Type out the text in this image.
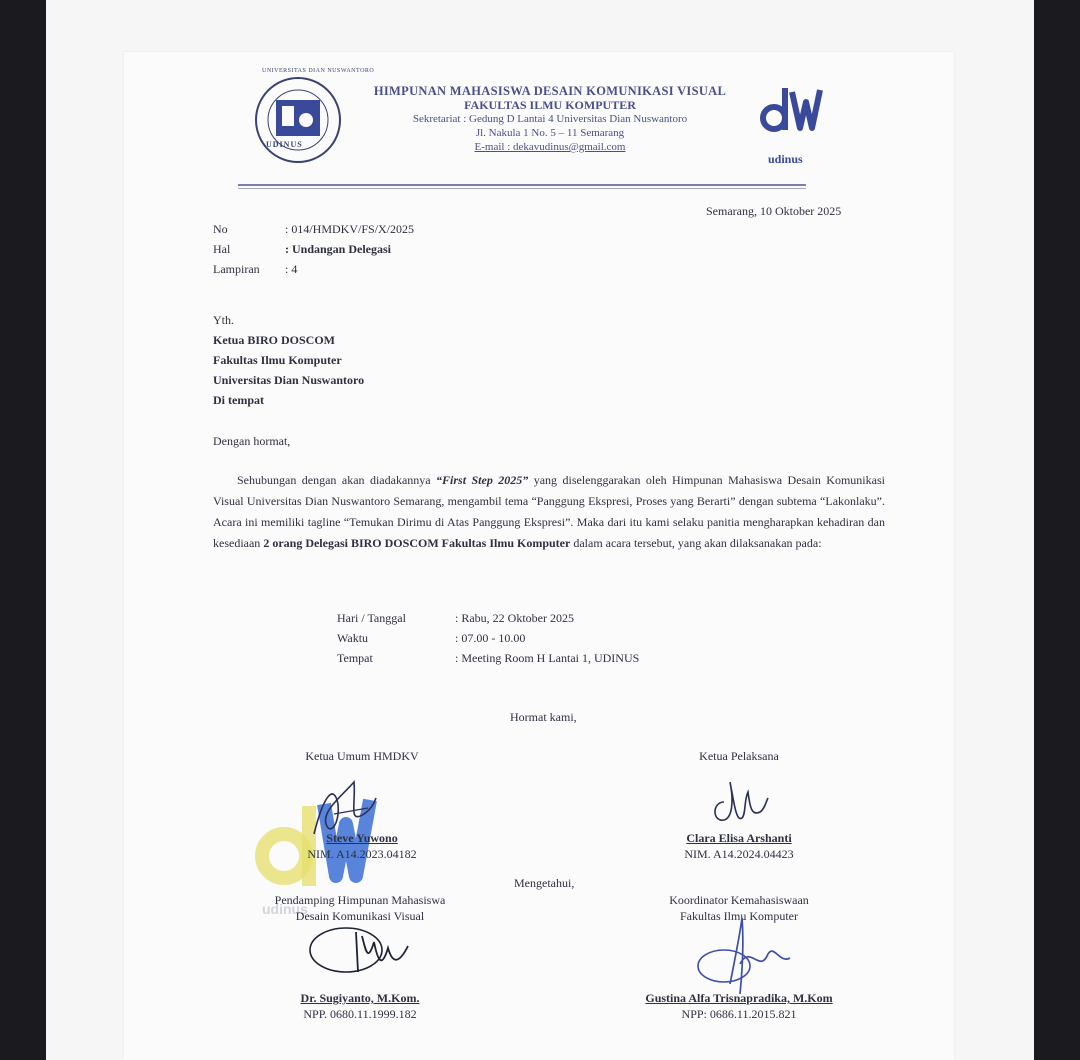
UDINUS
UNIVERSITAS DIAN NUSWANTORO
HIMPUNAN MAHASISWA DESAIN KOMUNIKASI VISUAL
FAKULTAS ILMU KOMPUTER
Sekretariat : Gedung D Lantai 4 Universitas Dian Nuswantoro
Jl. Nakula 1 No. 5 – 11 Semarang
E-mail : dekavudinus@gmail.com
udinus
Semarang, 10 Oktober 2025
No	: 014/HMDKV/FS/X/2025
Hal	: Undangan Delegasi
Lampiran	: 4
Yth.
Ketua BIRO DOSCOM
Fakultas Ilmu Komputer
Universitas Dian Nuswantoro
Di tempat
Dengan hormat,
Sehubungan dengan akan diadakannya “First Step 2025” yang diselenggarakan oleh Himpunan Mahasiswa Desain Komunikasi Visual Universitas Dian Nuswantoro Semarang, mengambil tema “Panggung Ekspresi, Proses yang Berarti” dengan subtema “Lakonlaku”. Acara ini memiliki tagline “Temukan Dirimu di Atas Panggung Ekspresi”. Maka dari itu kami selaku panitia mengharapkan kehadiran dan kesediaan 2 orang Delegasi BIRO DOSCOM Fakultas Ilmu Komputer dalam acara tersebut, yang akan dilaksanakan pada:
Hari / Tanggal	: Rabu, 22 Oktober 2025
Waktu	: 07.00 - 10.00
Tempat	: Meeting Room H Lantai 1, UDINUS
Hormat kami,
udinus
Ketua Umum HMDKV
Steve Yuwono
NIM. A14.2023.04182
Ketua Pelaksana
Clara Elisa Arshanti
NIM. A14.2024.04423
Mengetahui,
Pendamping Himpunan Mahasiswa
Desain Komunikasi Visual
Dr. Sugiyanto, M.Kom.
NPP. 0680.11.1999.182
Koordinator Kemahasiswaan
Fakultas Ilmu Komputer
Gustina Alfa Trisnapradika, M.Kom
NPP: 0686.11.2015.821
